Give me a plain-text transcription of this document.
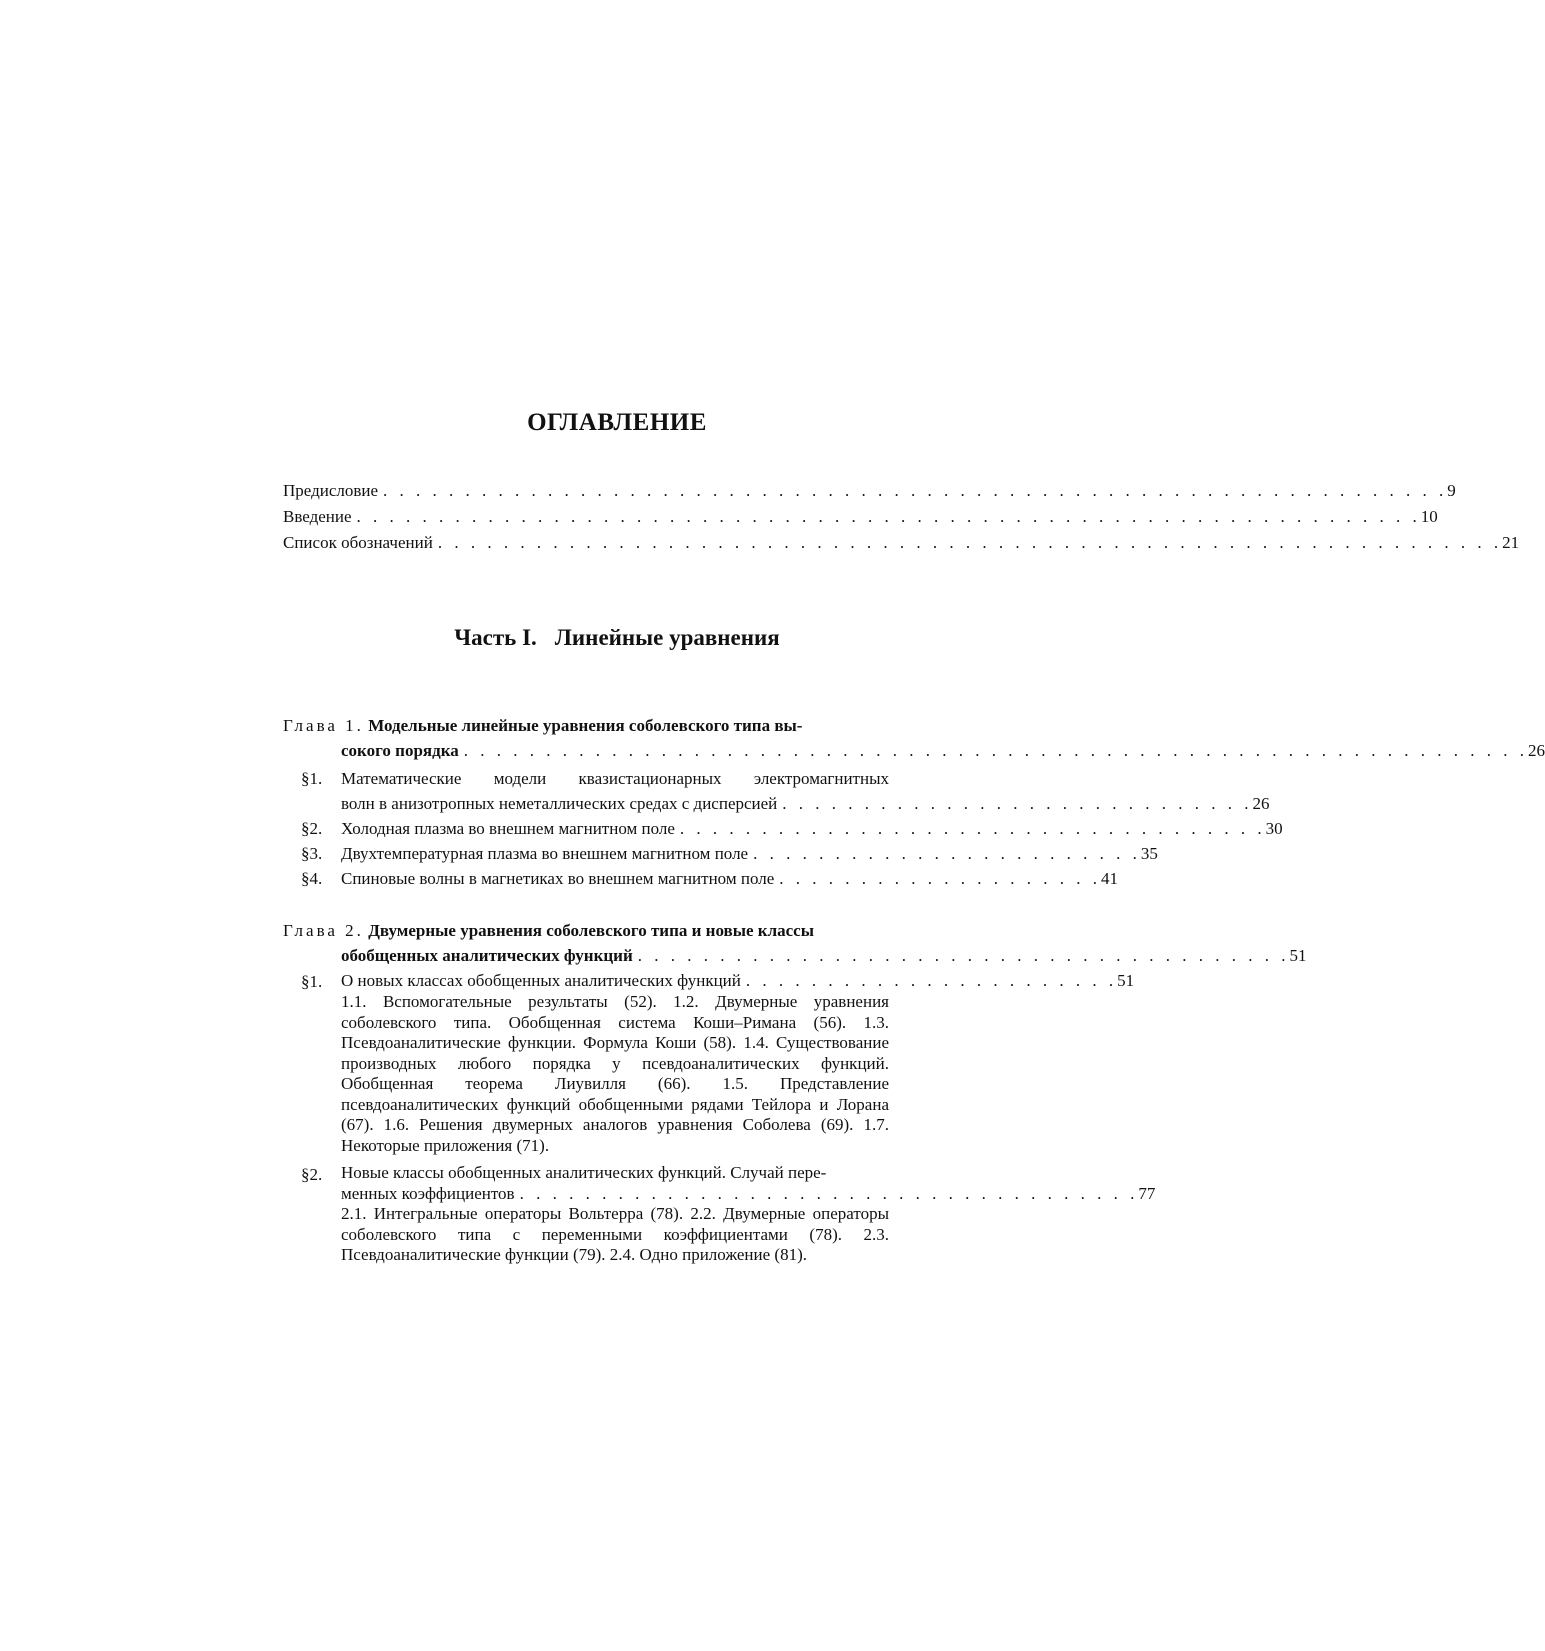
ОГЛАВЛЕНИЕ
Предисловие . . . . . . . . . . . . . . . . . . . . . . . . . . . . . . . . . . . . . . . . . . . . . . . . . . . . . . . . . . . . . . . . . 9
Введение . . . . . . . . . . . . . . . . . . . . . . . . . . . . . . . . . . . . . . . . . . . . . . . . . . . . . . . . . . . . . . . . . 10
Список обозначений . . . . . . . . . . . . . . . . . . . . . . . . . . . . . . . . . . . . . . . . . . . . . . . . . . . . . . . . . . . . . . . . . 21
Часть I. Линейные уравнения
Глава 1. Модельные линейные уравнения соболевского типа вы-
сокого порядка . . . . . . . . . . . . . . . . . . . . . . . . . . . . . . . . . . . . . . . . . . . . . . . . . . . . . . . . . . . . . . . . . 26
§1.	Математические модели квазистационарных электромагнитных
волн в анизотропных неметаллических средах с дисперсией . . . . . . . . . . . . . . . . . . . . . . . . . . . . . 26
§2.	Холодная плазма во внешнем магнитном поле . . . . . . . . . . . . . . . . . . . . . . . . . . . . . . . . . . . . 30
§3.	Двухтемпературная плазма во внешнем магнитном поле . . . . . . . . . . . . . . . . . . . . . . . . 35
§4.	Спиновые волны в магнетиках во внешнем магнитном поле . . . . . . . . . . . . . . . . . . . . 41
Глава 2. Двумерные уравнения соболевского типа и новые классы
обобщенных аналитических функций . . . . . . . . . . . . . . . . . . . . . . . . . . . . . . . . . . . . . . . . 51
§1.	О новых классах обобщенных аналитических функций . . . . . . . . . . . . . . . . . . . . . . . 51
1.1. Вспомогательные результаты (52). 1.2. Двумерные уравнения соболевского типа. Обобщенная система Коши–Римана (56). 1.3. Псевдоаналитические функции. Формула Коши (58). 1.4. Существование производных любого порядка у псевдоаналитических функций. Обобщенная теорема Лиувилля (66). 1.5. Представление псевдоаналитических функций обобщенными рядами Тейлора и Лорана (67). 1.6. Решения двумерных аналогов уравнения Соболева (69). 1.7. Некоторые приложения (71).
§2.	Новые классы обобщенных аналитических функций. Случай пере-
менных коэффициентов . . . . . . . . . . . . . . . . . . . . . . . . . . . . . . . . . . . . . . 77
2.1. Интегральные операторы Вольтерра (78). 2.2. Двумерные операторы соболевского типа с переменными коэффициентами (78). 2.3. Псевдоаналитические функции (79). 2.4. Одно приложение (81).
